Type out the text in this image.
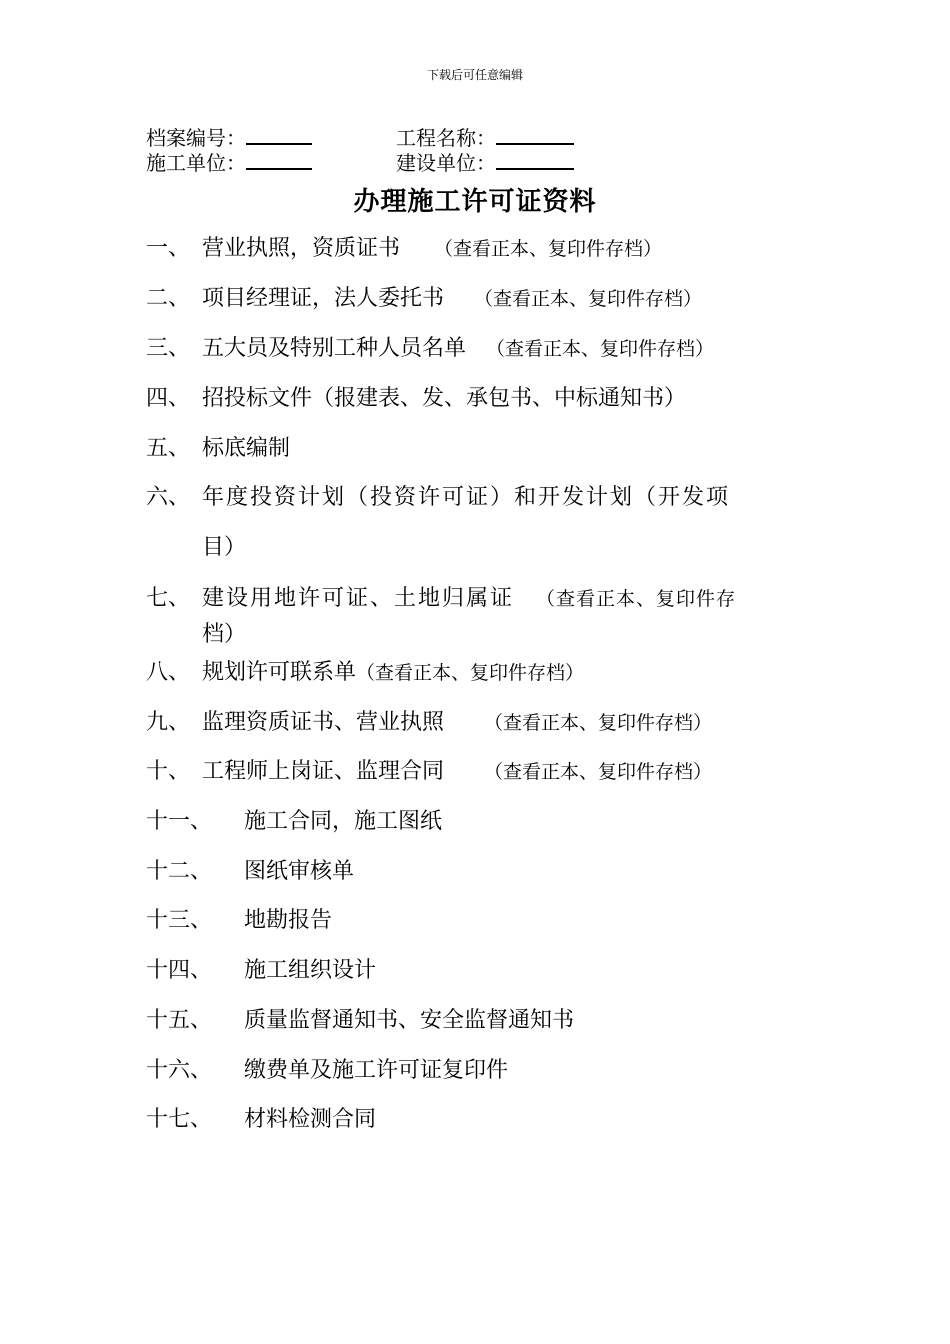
下载后可任意编辑
档案编号：	工程名称：
施工单位：	建设单位：
办理施工许可证资料
一、 营业执照，资质证书 （查看正本、复印件存档）
二、 项目经理证，法人委托书 （查看正本、复印件存档）
三、 五大员及特别工种人员名单 （查看正本、复印件存档）
四、 招投标文件（报建表、发、承包书、中标通知书）
五、 标底编制
六、 年度投资计划（投资许可证）和开发计划（开发项
目）
七、 建设用地许可证、土地归属证 （查看正本、复印件存
档）
八、 规划许可联系单（查看正本、复印件存档）
九、 监理资质证书、营业执照 （查看正本、复印件存档）
十、 工程师上岗证、监理合同 （查看正本、复印件存档）
十一、 施工合同，施工图纸
十二、 图纸审核单
十三、 地勘报告
十四、 施工组织设计
十五、 质量监督通知书、安全监督通知书
十六、 缴费单及施工许可证复印件
十七、 材料检测合同
